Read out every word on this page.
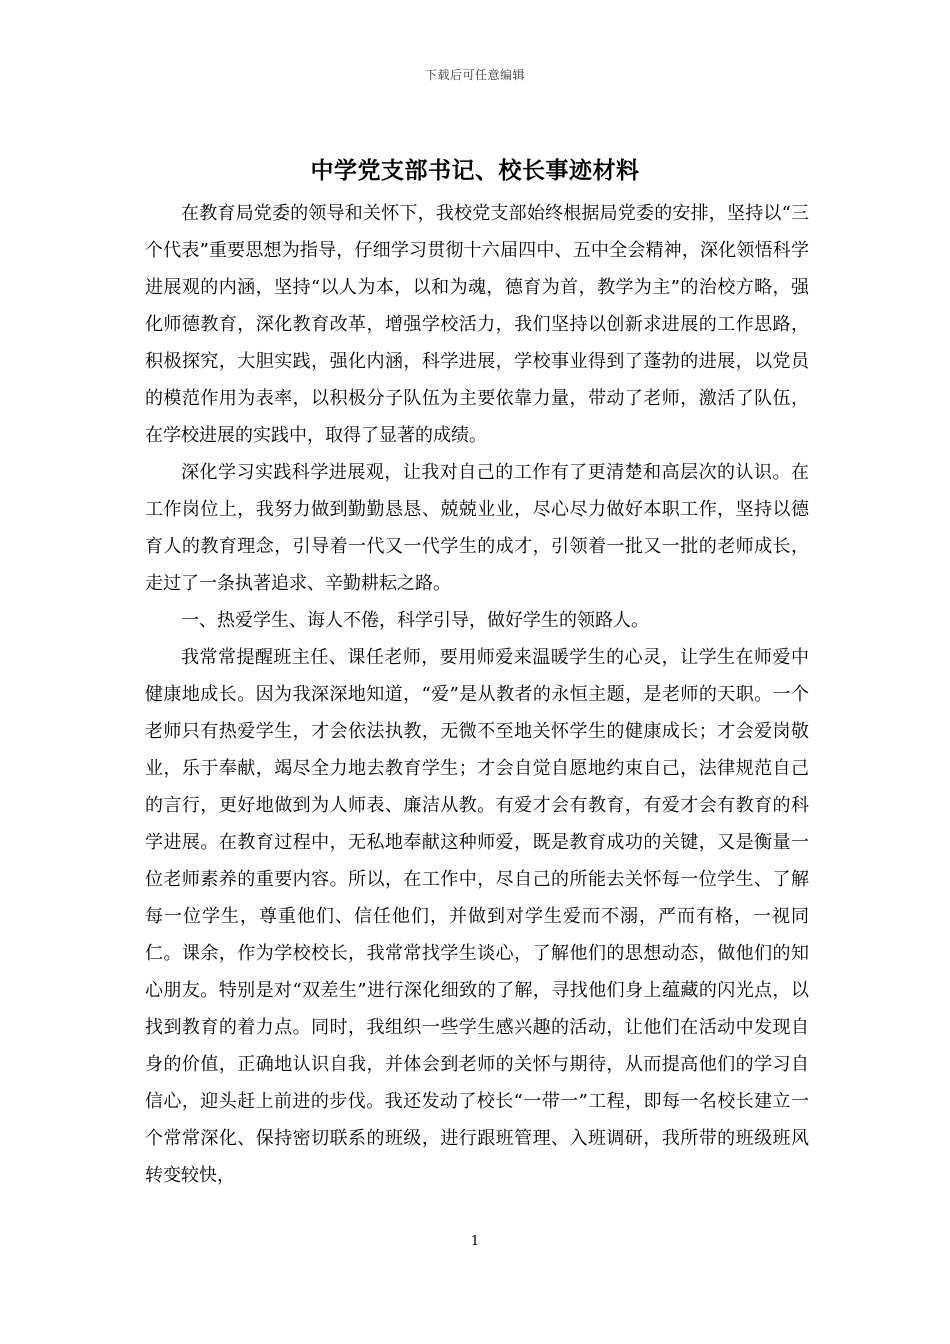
下载后可任意编辑
中学党支部书记、校长事迹材料

在教育局党委的领导和关怀下，我校党支部始终根据局党委的安排，坚持以“三个代表”重要思想为指导，仔细学习贯彻十六届四中、五中全会精神，深化领悟科学进展观的内涵，坚持“以人为本，以和为魂，德育为首，教学为主”的治校方略，强化师德教育，深化教育改革，增强学校活力，我们坚持以创新求进展的工作思路，积极探究，大胆实践，强化内涵，科学进展，学校事业得到了蓬勃的进展，以党员的模范作用为表率，以积极分子队伍为主要依靠力量，带动了老师，激活了队伍，在学校进展的实践中，取得了显著的成绩。

深化学习实践科学进展观，让我对自己的工作有了更清楚和高层次的认识。在工作岗位上，我努力做到勤勤恳恳、兢兢业业，尽心尽力做好本职工作，坚持以德育人的教育理念，引导着一代又一代学生的成才，引领着一批又一批的老师成长，走过了一条执著追求、辛勤耕耘之路。

一、热爱学生、诲人不倦，科学引导，做好学生的领路人。

我常常提醒班主任、课任老师，要用师爱来温暖学生的心灵，让学生在师爱中健康地成长。因为我深深地知道，“爱”是从教者的永恒主题，是老师的天职。一个老师只有热爱学生，才会依法执教，无微不至地关怀学生的健康成长；才会爱岗敬业，乐于奉献，竭尽全力地去教育学生；才会自觉自愿地约束自己，法律规范自己的言行，更好地做到为人师表、廉洁从教。有爱才会有教育，有爱才会有教育的科学进展。在教育过程中，无私地奉献这种师爱，既是教育成功的关键，又是衡量一位老师素养的重要内容。所以，在工作中，尽自己的所能去关怀每一位学生、了解每一位学生，尊重他们、信任他们，并做到对学生爱而不溺，严而有格，一视同仁。课余，作为学校校长，我常常找学生谈心，了解他们的思想动态，做他们的知心朋友。特别是对“双差生”进行深化细致的了解，寻找他们身上蕴藏的闪光点，以找到教育的着力点。同时，我组织一些学生感兴趣的活动，让他们在活动中发现自身的价值，正确地认识自我，并体会到老师的关怀与期待，从而提高他们的学习自信心，迎头赶上前进的步伐。我还发动了校长“一带一”工程，即每一名校长建立一个常常深化、保持密切联系的班级，进行跟班管理、入班调研，我所带的班级班风转变较快，

1
